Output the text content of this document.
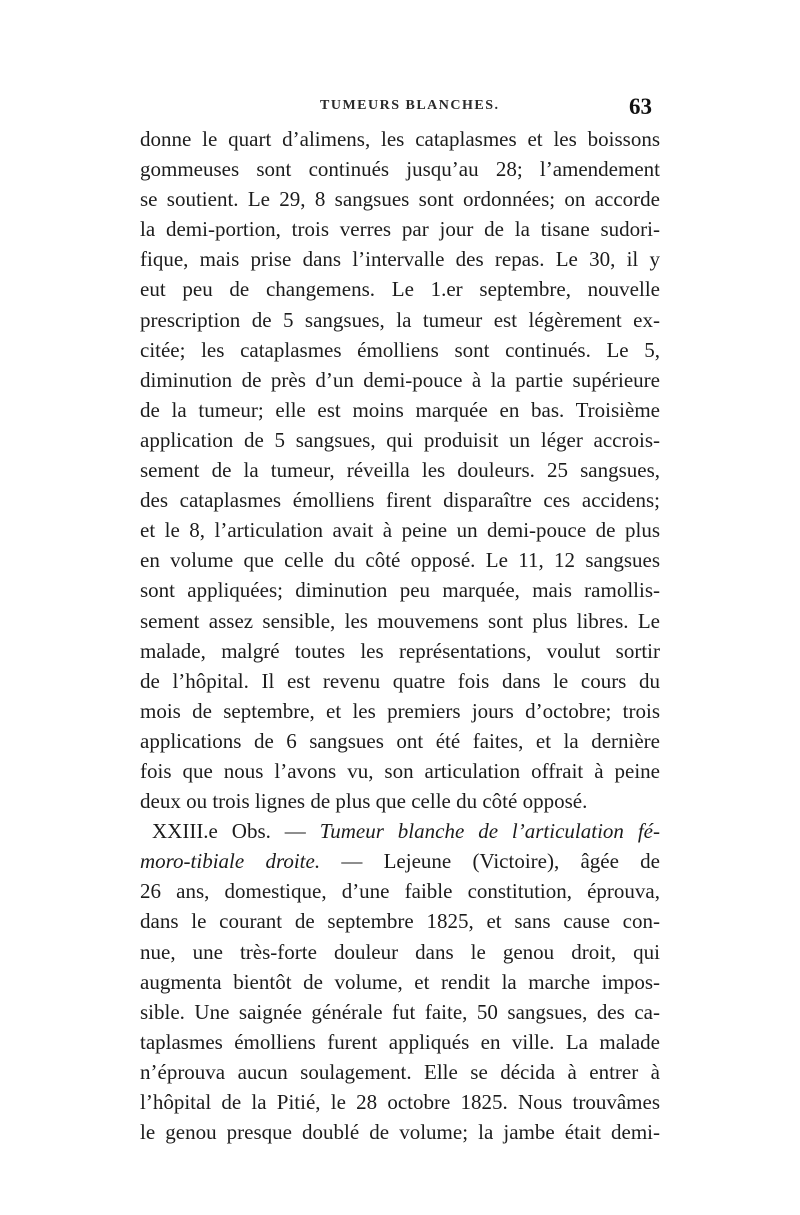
TUMEURS BLANCHES.	63
donne le quart d’alimens, les cataplasmes et les boissons
gommeuses sont continués jusqu’au 28; l’amendement
se soutient. Le 29, 8 sangsues sont ordonnées; on accorde
la demi-portion, trois verres par jour de la tisane sudori-
fique, mais prise dans l’intervalle des repas. Le 30, il y
eut peu de changemens. Le 1.er septembre, nouvelle
prescription de 5 sangsues, la tumeur est légèrement ex-
citée; les cataplasmes émolliens sont continués. Le 5,
diminution de près d’un demi-pouce à la partie supérieure
de la tumeur; elle est moins marquée en bas. Troisième
application de 5 sangsues, qui produisit un léger accrois-
sement de la tumeur, réveilla les douleurs. 25 sangsues,
des cataplasmes émolliens firent disparaître ces accidens;
et le 8, l’articulation avait à peine un demi-pouce de plus
en volume que celle du côté opposé. Le 11, 12 sangsues
sont appliquées; diminution peu marquée, mais ramollis-
sement assez sensible, les mouvemens sont plus libres. Le
malade, malgré toutes les représentations, voulut sortir
de l’hôpital. Il est revenu quatre fois dans le cours du
mois de septembre, et les premiers jours d’octobre; trois
applications de 6 sangsues ont été faites, et la dernière
fois que nous l’avons vu, son articulation offrait à peine
deux ou trois lignes de plus que celle du côté opposé.
XXIII.e Obs. — Tumeur blanche de l’articulation fé-
moro-tibiale droite. — Lejeune (Victoire), âgée de
26 ans, domestique, d’une faible constitution, éprouva,
dans le courant de septembre 1825, et sans cause con-
nue, une très-forte douleur dans le genou droit, qui
augmenta bientôt de volume, et rendit la marche impos-
sible. Une saignée générale fut faite, 50 sangsues, des ca-
taplasmes émolliens furent appliqués en ville. La malade
n’éprouva aucun soulagement. Elle se décida à entrer à
l’hôpital de la Pitié, le 28 octobre 1825. Nous trouvâmes
le genou presque doublé de volume; la jambe était demi-
